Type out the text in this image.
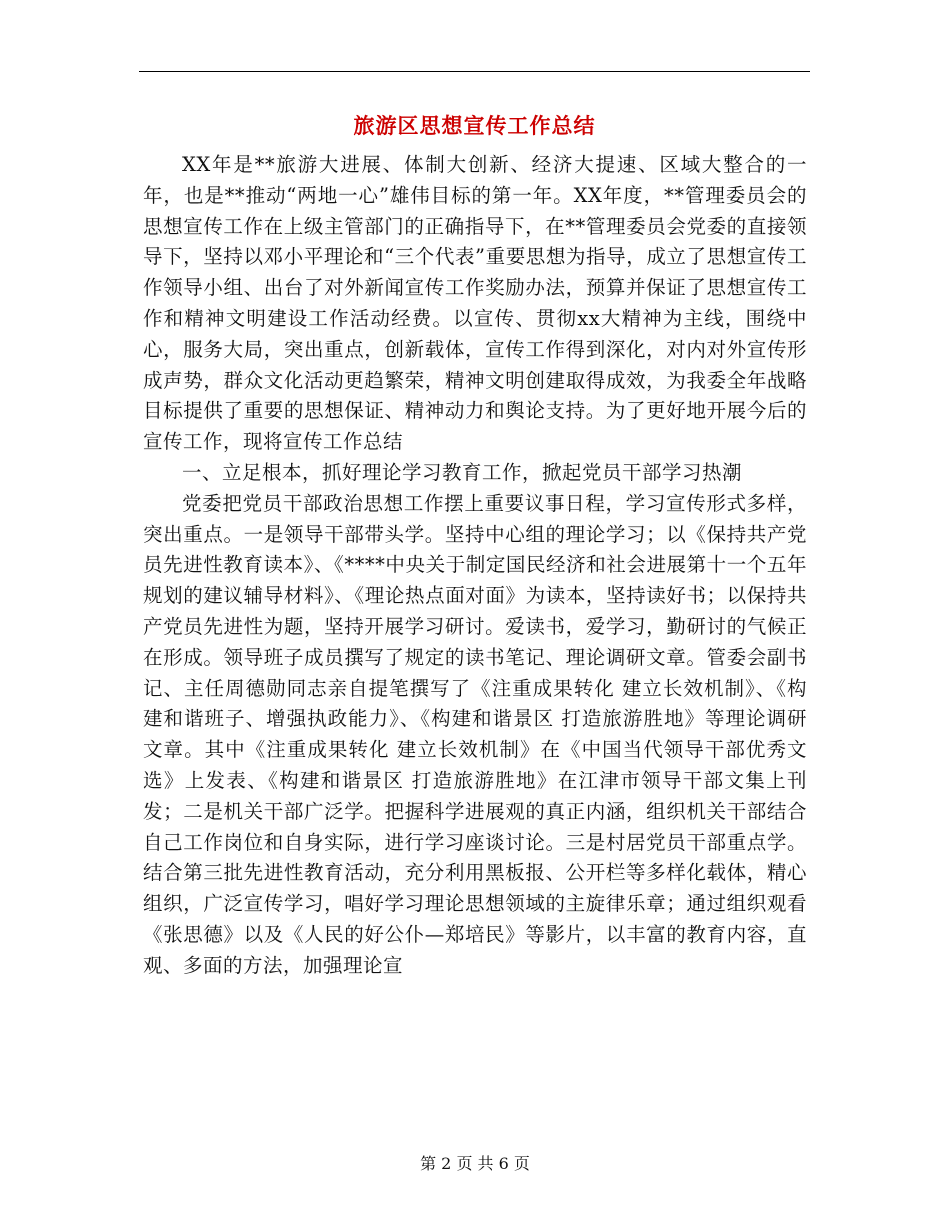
旅游区思想宣传工作总结

XX年是**旅游大进展、体制大创新、经济大提速、区域大整合的一年，也是**推动“两地一心”雄伟目标的第一年。XX年度，**管理委员会的思想宣传工作在上级主管部门的正确指导下，在**管理委员会党委的直接领导下，坚持以邓小平理论和“三个代表”重要思想为指导，成立了思想宣传工作领导小组、出台了对外新闻宣传工作奖励办法，预算并保证了思想宣传工作和精神文明建设工作活动经费。以宣传、贯彻xx大精神为主线，围绕中心，服务大局，突出重点，创新载体，宣传工作得到深化，对内对外宣传形成声势，群众文化活动更趋繁荣，精神文明创建取得成效，为我委全年战略目标提供了重要的思想保证、精神动力和舆论支持。为了更好地开展今后的宣传工作，现将宣传工作总结

一、立足根本，抓好理论学习教育工作，掀起党员干部学习热潮

党委把党员干部政治思想工作摆上重要议事日程，学习宣传形式多样，突出重点。一是领导干部带头学。坚持中心组的理论学习；以《保持共产党员先进性教育读本》、《****中央关于制定国民经济和社会进展第十一个五年规划的建议辅导材料》、《理论热点面对面》为读本，坚持读好书；以保持共产党员先进性为题，坚持开展学习研讨。爱读书，爱学习，勤研讨的气候正在形成。领导班子成员撰写了规定的读书笔记、理论调研文章。管委会副书记、主任周德勋同志亲自提笔撰写了《注重成果转化 建立长效机制》、《构建和谐班子、增强执政能力》、《构建和谐景区 打造旅游胜地》等理论调研文章。其中《注重成果转化 建立长效机制》在《中国当代领导干部优秀文选》上发表、《构建和谐景区 打造旅游胜地》在江津市领导干部文集上刊发；二是机关干部广泛学。把握科学进展观的真正内涵，组织机关干部结合自己工作岗位和自身实际，进行学习座谈讨论。三是村居党员干部重点学。结合第三批先进性教育活动，充分利用黑板报、公开栏等多样化载体，精心组织，广泛宣传学习，唱好学习理论思想领域的主旋律乐章；通过组织观看《张思德》以及《人民的好公仆—郑培民》等影片，以丰富的教育内容，直观、多面的方法，加强理论宣

第 2 页 共 6 页
